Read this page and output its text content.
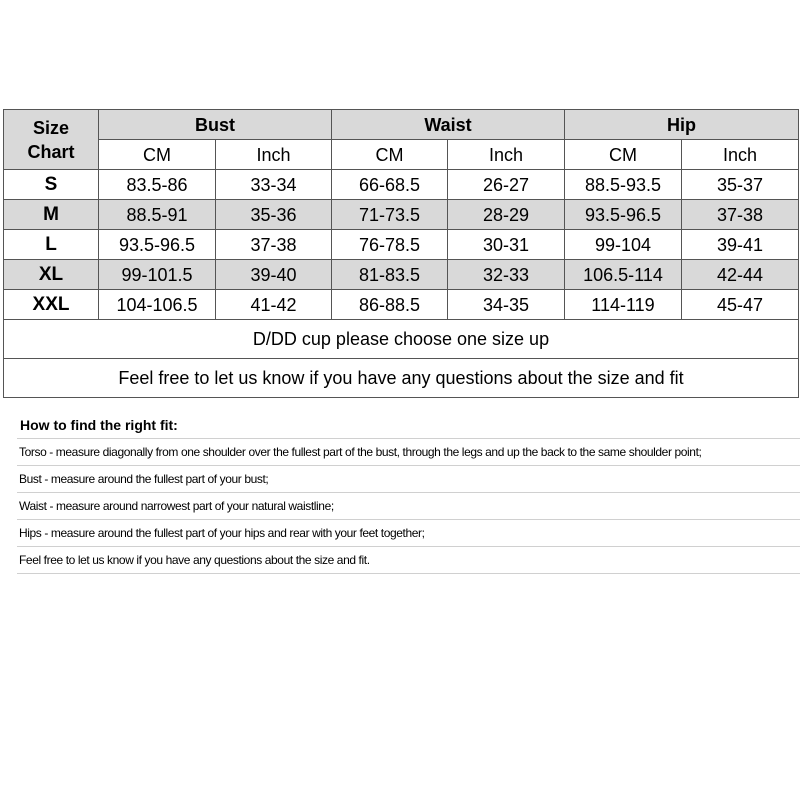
Size
Chart	Bust		Waist		Hip	
	CM	Inch	CM	Inch	CM	Inch
S	83.5-86	33-34	66-68.5	26-27	88.5-93.5	35-37
M	88.5-91	35-36	71-73.5	28-29	93.5-96.5	37-38
L	93.5-96.5	37-38	76-78.5	30-31	99-104	39-41
XL	99-101.5	39-40	81-83.5	32-33	106.5-114	42-44
XXL	104-106.5	41-42	86-88.5	34-35	114-119	45-47
D/DD cup please choose one size up						
Feel free to let us know if you have any questions about the size and fit						
How to find the right fit:
Torso - measure diagonally from one shoulder over the fullest part of the bust, through the legs and up the back to the same shoulder point;
Bust - measure around the fullest part of your bust;
Waist - measure around narrowest part of your natural waistline;
Hips - measure around the fullest part of your hips and rear with your feet together;
Feel free to let us know if you have any questions about the size and fit.
